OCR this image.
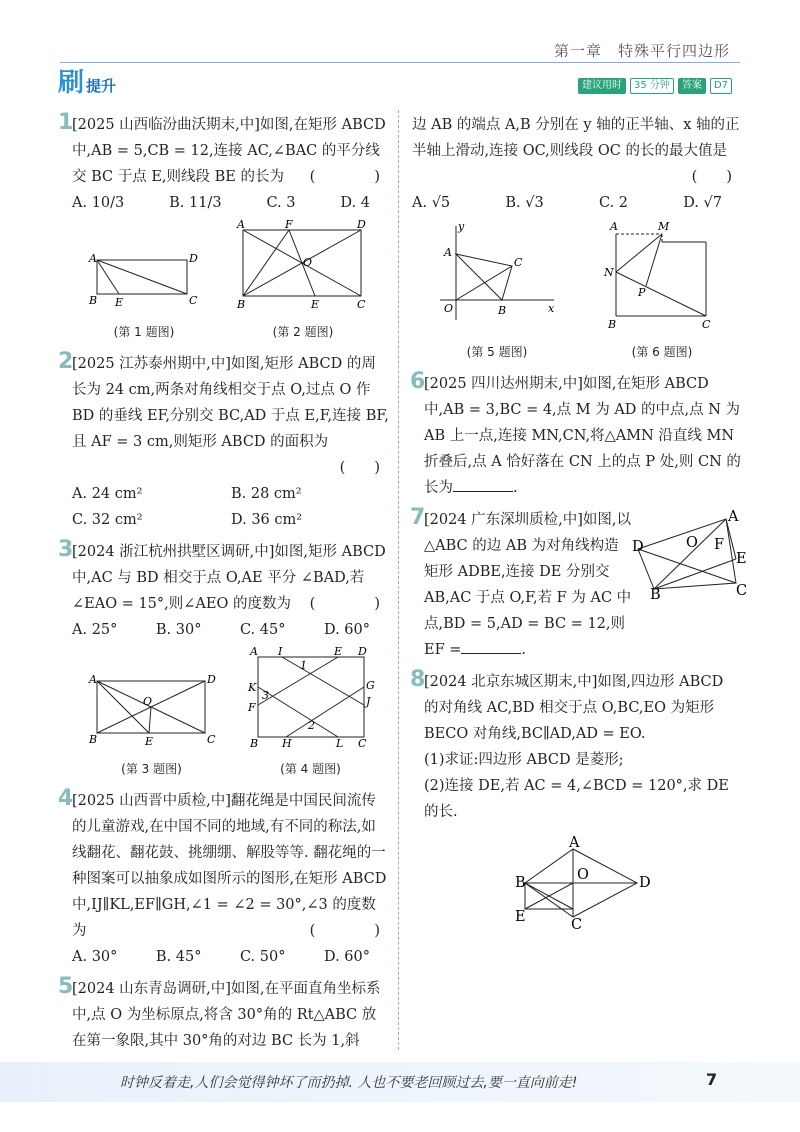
第一章　特殊平行四边形
刷提升	建议用时	35 分钟	答案	D7
1
[2025 山西临汾曲沃期末,中]如图,在矩形 ABCD 中,AB = 5,CB = 12,连接 AC,∠BAC 的平分线交 BC 于点 E,则线段 BE 的长为 (　　)
A. 10/3	B. 11/3	C. 3	D. 4
A	D
B E	C
(第 1 题图)
A	F	D
O
B	E	C
(第 2 题图)
2
[2025 江苏泰州期中,中]如图,矩形 ABCD 的周长为 24 cm,两条对角线相交于点 O,过点 O 作 BD 的垂线 EF,分别交 BC,AD 于点 E,F,连接 BF,且 AF = 3 cm,则矩形 ABCD 的面积为
(　　)
A. 24 cm²	B. 28 cm²
C. 32 cm²	D. 36 cm²
3
[2024 浙江杭州拱墅区调研,中]如图,矩形 ABCD 中,AC 与 BD 相交于点 O,AE 平分 ∠BAD,若∠EAO = 15°,则∠AEO 的度数为 (　　)
A. 25°	B. 30°	C. 45°	D. 60°
A	D
O
B	E	C
(第 3 题图)
A I	E D
1
3
2
K
F
G
J
B H	L C
(第 4 题图)
4
[2025 山西晋中质检,中]翻花绳是中国民间流传的儿童游戏,在中国不同的地域,有不同的称法,如线翻花、翻花鼓、挑绷绷、解股等等. 翻花绳的一种图案可以抽象成如图所示的图形,在矩形 ABCD 中,IJ∥KL,EF∥GH,∠1 = ∠2 = 30°,∠3 的度数为	(　　)
A. 30°	B. 45°	C. 50°	D. 60°
5
[2024 山东青岛调研,中]如图,在平面直角坐标系中,点 O 为坐标原点,将含 30°角的 Rt△ABC 放在第一象限,其中 30°角的对边 BC 长为 1,斜
边 AB 的端点 A,B 分别在 y 轴的正半轴、x 轴的正半轴上滑动,连接 OC,则线段 OC 的长的最大值是
(　　)
A. √5	B. √3	C. 2	D. √7
y
x
A
C
O	B
(第 5 题图)
A	M
N
P
B	C
(第 6 题图)
6
[2025 四川达州期末,中]如图,在矩形 ABCD 中,AB = 3,BC = 4,点 M 为 AD 的中点,点 N 为 AB 上一点,连接 MN,CN,将△AMN 沿直线 MN 折叠后,点 A 恰好落在 CN 上的点 P 处,则 CN 的长为	.
7
[2024 广东深圳质检,中]如图,以△ABC 的边 AB 为对角线构造矩形 ADBE,连接 DE 分别交 AB,AC 于点 O,F,若 F 为 AC 中点,BD = 5,AD = BC = 12,则 EF =	.
A
D	O F
E
B	C
8
[2024 北京东城区期末,中]如图,四边形 ABCD 的对角线 AC,BD 相交于点 O,BC,EO 为矩形 BECO 对角线,BC∥AD,AD = EO.
(1)求证:四边形 ABCD 是菱形;
(2)连接 DE,若 AC = 4,∠BCD = 120°,求 DE 的长.
A
D
B	O
E	C
时钟反着走,人们会觉得钟坏了而扔掉. 人也不要老回顾过去,要一直向前走!	7
